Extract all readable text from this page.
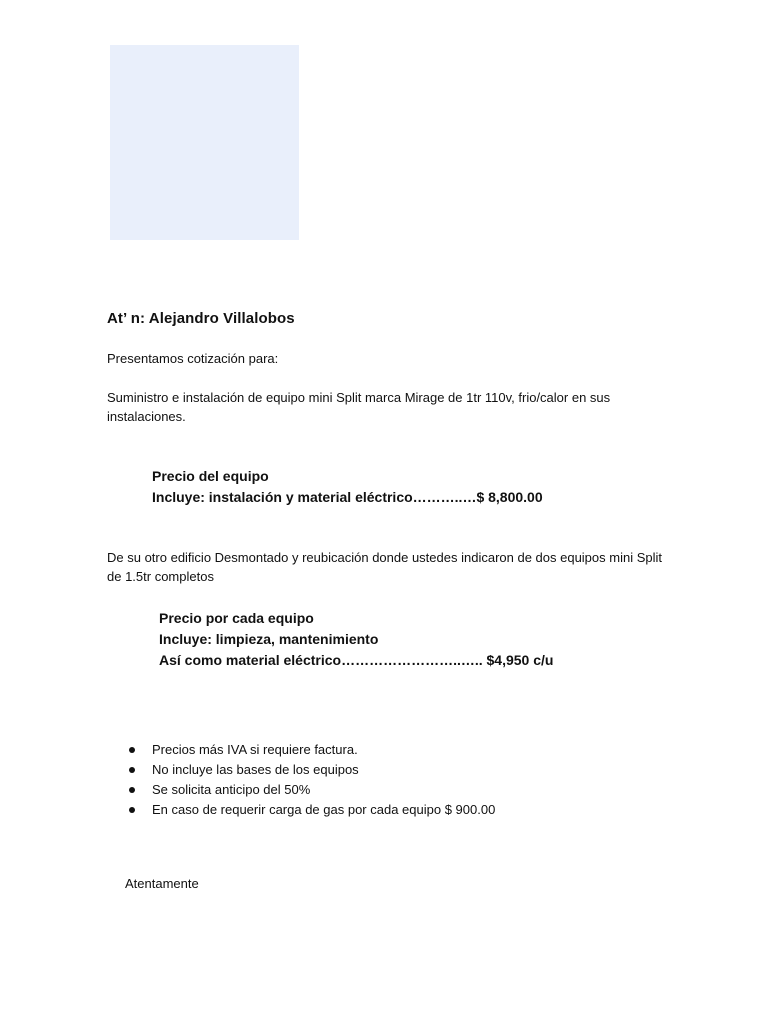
At’ n: Alejandro Villalobos
Presentamos cotización para:
Suministro e instalación de equipo mini Split marca Mirage de 1tr 110v, frio/calor en sus instalaciones.
Precio del equipo
Incluye: instalación y material eléctrico………..…$ 8,800.00
De su otro edificio Desmontado y reubicación donde ustedes indicaron de dos equipos mini Split de 1.5tr completos
Precio por cada equipo
Incluye: limpieza, mantenimiento
Así como material eléctrico……………………..….. $4,950 c/u
Precios más IVA si requiere factura.
No incluye las bases de los equipos
Se solicita anticipo del 50%
En caso de requerir carga de gas por cada equipo $ 900.00
Atentamente
